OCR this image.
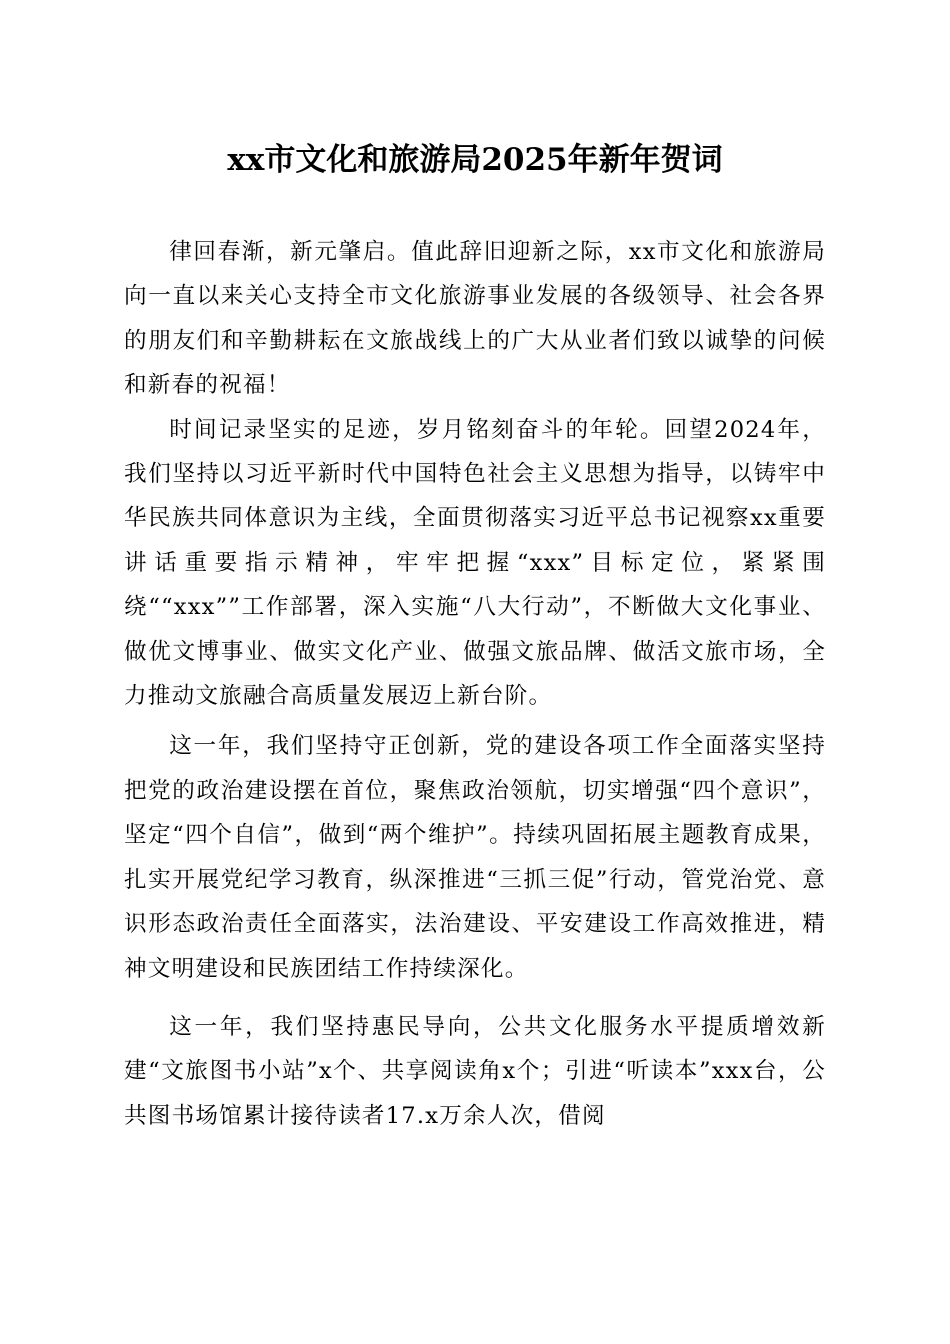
xx市文化和旅游局2025年新年贺词

律回春渐，新元肇启。值此辞旧迎新之际，xx市文化和旅游局向一直以来关心支持全市文化旅游事业发展的各级领导、社会各界的朋友们和辛勤耕耘在文旅战线上的广大从业者们致以诚挚的问候和新春的祝福！

时间记录坚实的足迹，岁月铭刻奋斗的年轮。回望2024年，我们坚持以习近平新时代中国特色社会主义思想为指导，以铸牢中华民族共同体意识为主线，全面贯彻落实习近平总书记视察xx重要讲话重要指示精神，牢牢把握“xxx”目标定位，紧紧围绕““xxx””工作部署，深入实施“八大行动”，不断做大文化事业、做优文博事业、做实文化产业、做强文旅品牌、做活文旅市场，全力推动文旅融合高质量发展迈上新台阶。

这一年，我们坚持守正创新，党的建设各项工作全面落实坚持把党的政治建设摆在首位，聚焦政治领航，切实增强“四个意识”，坚定“四个自信”，做到“两个维护”。持续巩固拓展主题教育成果，扎实开展党纪学习教育，纵深推进“三抓三促”行动，管党治党、意识形态政治责任全面落实，法治建设、平安建设工作高效推进，精神文明建设和民族团结工作持续深化。

这一年，我们坚持惠民导向，公共文化服务水平提质增效新建“文旅图书小站”x个、共享阅读角x个；引进“听读本”xxx台，公共图书场馆累计接待读者17.x万余人次，借阅
